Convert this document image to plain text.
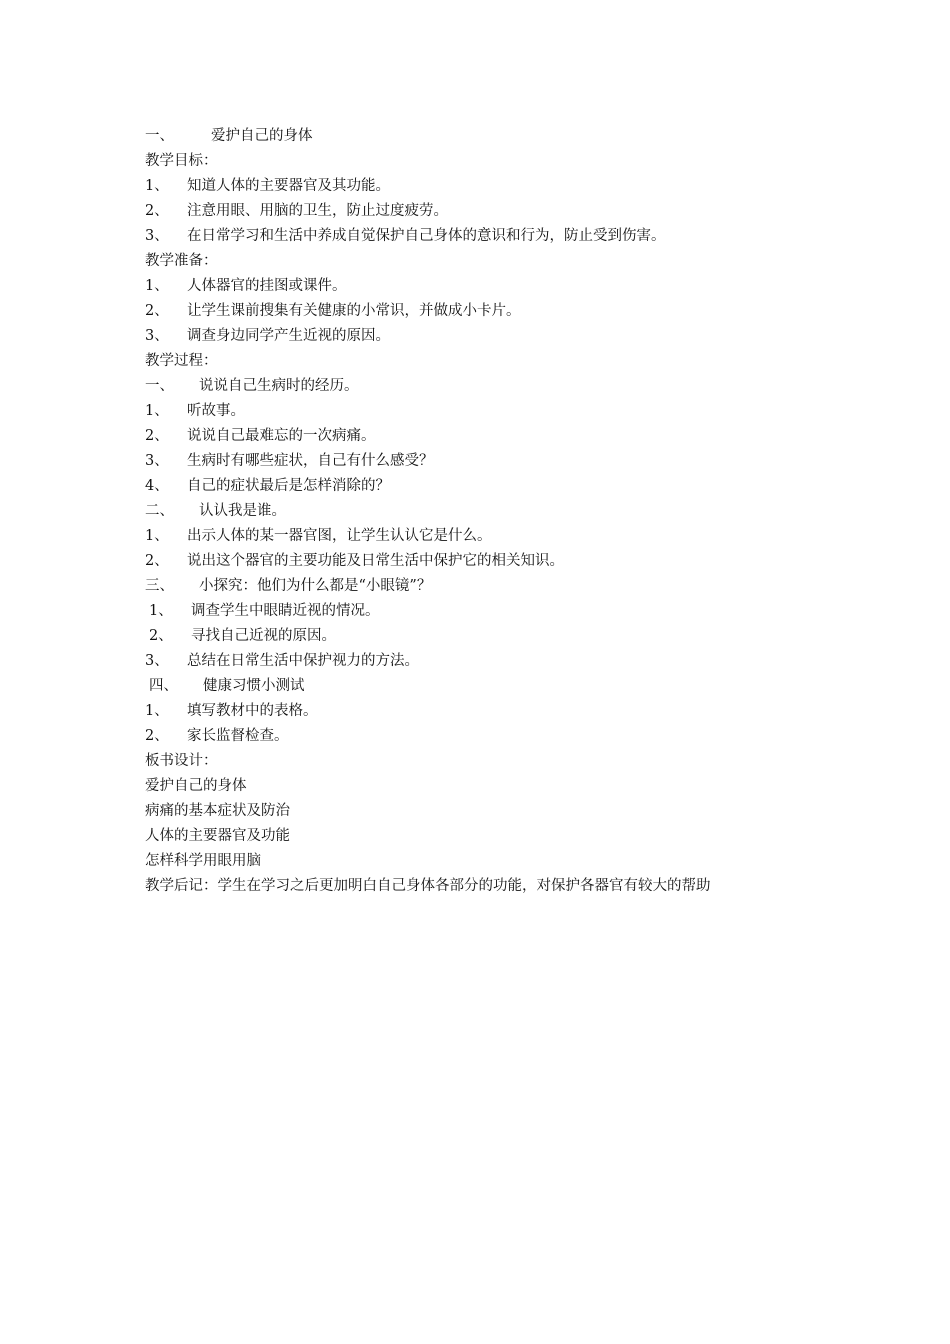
一、	爱护自己的身体
教学目标：
1、	知道人体的主要器官及其功能。
2、	注意用眼、用脑的卫生，防止过度疲劳。
3、	在日常学习和生活中养成自觉保护自己身体的意识和行为，防止受到伤害。
教学准备：
1、	人体器官的挂图或课件。
2、	让学生课前搜集有关健康的小常识，并做成小卡片。
3、	调查身边同学产生近视的原因。
教学过程：
一、	说说自己生病时的经历。
1、	听故事。
2、	说说自己最难忘的一次病痛。
3、	生病时有哪些症状，自己有什么感受？
4、	自己的症状最后是怎样消除的？
二、	认认我是谁。
1、	出示人体的某一器官图，让学生认认它是什么。
2、	说出这个器官的主要功能及日常生活中保护它的相关知识。
三、	小探究：他们为什么都是“小眼镜”？
1、	调查学生中眼睛近视的情况。
2、	寻找自己近视的原因。
3、	总结在日常生活中保护视力的方法。
四、	健康习惯小测试
1、	填写教材中的表格。
2、	家长监督检查。
板书设计：
爱护自己的身体
病痛的基本症状及防治
人体的主要器官及功能
怎样科学用眼用脑
教学后记：学生在学习之后更加明白自己身体各部分的功能，对保护各器官有较大的帮助
